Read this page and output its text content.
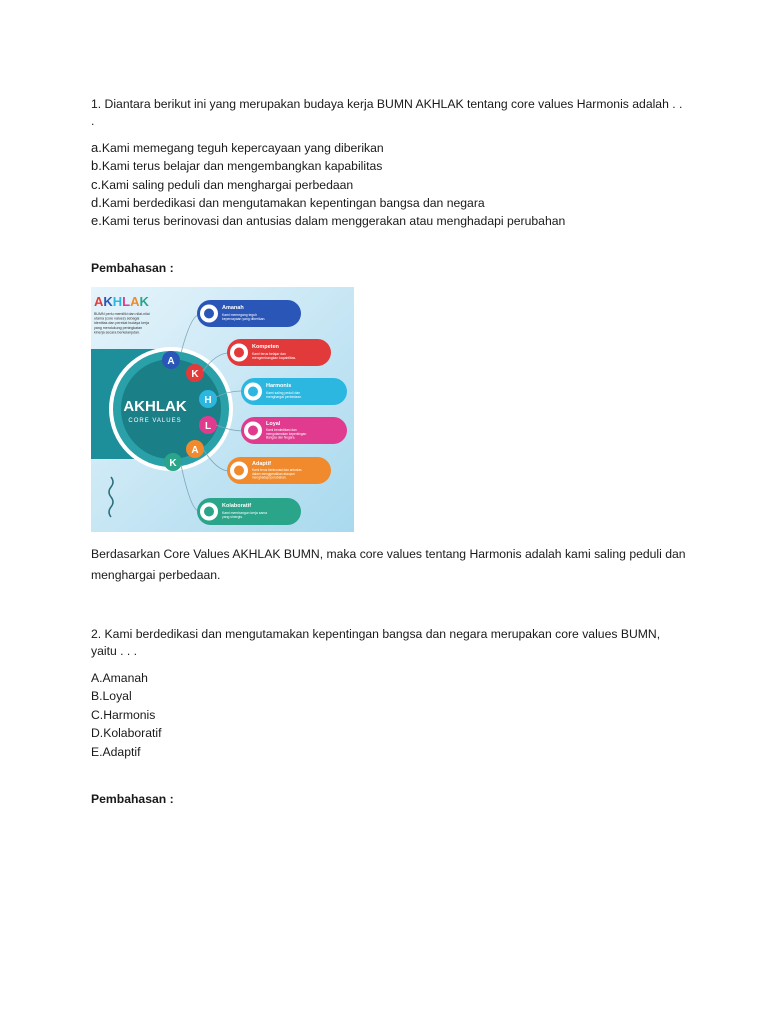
1. Diantara berikut ini yang merupakan budaya kerja BUMN AKHLAK tentang core values Harmonis adalah . .
.
a.Kami memegang teguh kepercayaan yang diberikan
b.Kami terus belajar dan mengembangkan kapabilitas
c.Kami saling peduli dan menghargai perbedaan
d.Kami berdedikasi dan mengutamakan kepentingan bangsa dan negara
e.Kami terus berinovasi dan antusias dalam menggerakan atau menghadapi perubahan
Pembahasan :
AKHLAK
BUMN perlu memiliki dan nilai-nilai utama (core values) sebagai identitas dan perekat budaya kerja yang mendukung peningkatan kinerja secara berkelanjutan.
AKHLAK
CORE VALUES
A
K
H
L
A
K
Amanah
Kami memegang teguh kepercayaan yang diberikan.
Kompeten
Kami terus belajar dan mengembangkan kapabilitas.
Harmonis
Kami saling peduli dan menghargai perbedaan.
Loyal
Kami berdedikasi dan mengutamakan kepentingan Bangsa dan Negara.
Adaptif
Kami terus berinovasi dan antusias dalam menggerakkan ataupun menghadapi perubahan.
Kolaboratif
Kami membangun kerja sama yang sinergis.
Berdasarkan Core Values AKHLAK BUMN, maka core values tentang Harmonis adalah kami saling peduli dan
menghargai perbedaan.
2. Kami berdedikasi dan mengutamakan kepentingan bangsa dan negara merupakan core values BUMN,
yaitu . . .
A.Amanah
B.Loyal
C.Harmonis
D.Kolaboratif
E.Adaptif
Pembahasan :
